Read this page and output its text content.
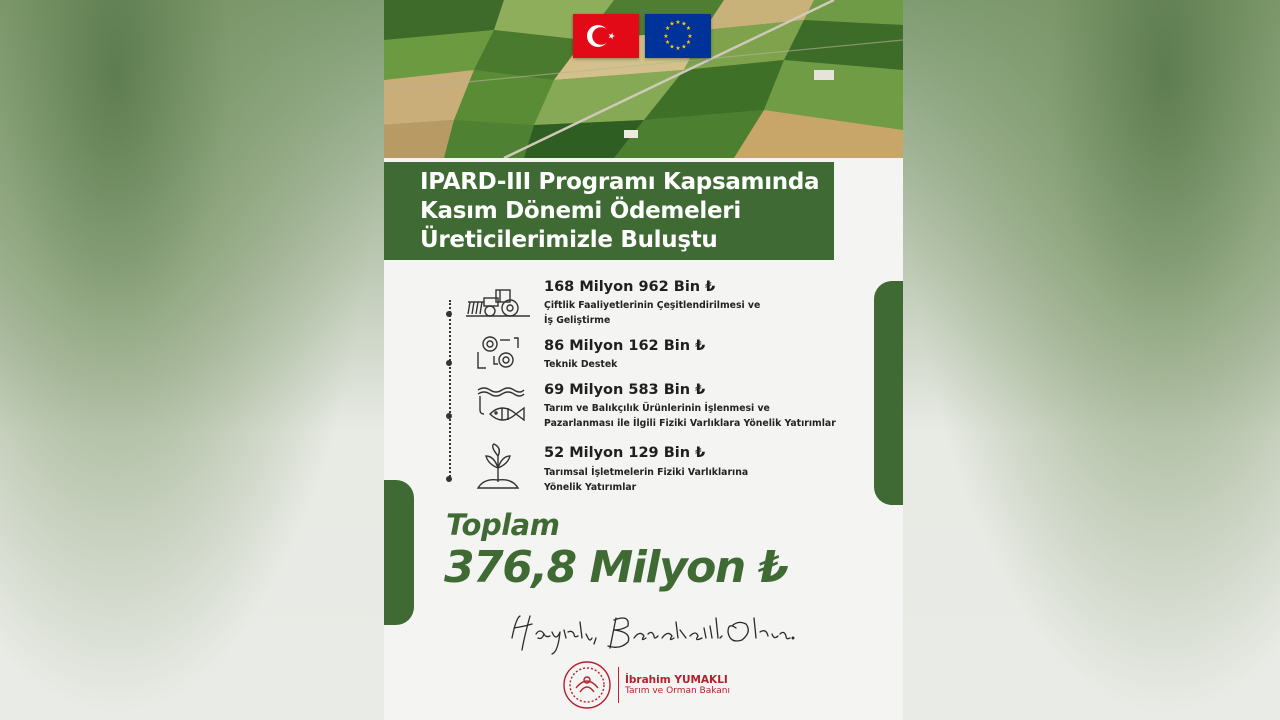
★ ★
★
★
★
★
★
★
★
★
★
★
IPARD-III Programı Kapsamında
Kasım Dönemi Ödemeleri
Üreticilerimizle Buluştu
168 Milyon 962 Bin ₺
Çiftlik Faaliyetlerinin Çeşitlendirilmesi ve
İş Geliştirme
86 Milyon 162 Bin ₺
Teknik Destek
69 Milyon 583 Bin ₺
Tarım ve Balıkçılık Ürünlerinin İşlenmesi ve
Pazarlanması ile İlgili Fiziki Varlıklara Yönelik Yatırımlar
52 Milyon 129 Bin ₺
Tarımsal İşletmelerin Fiziki Varlıklarına
Yönelik Yatırımlar
Toplam
376,8 Milyon ₺
İbrahim YUMAKLI
Tarım ve Orman Bakanı
